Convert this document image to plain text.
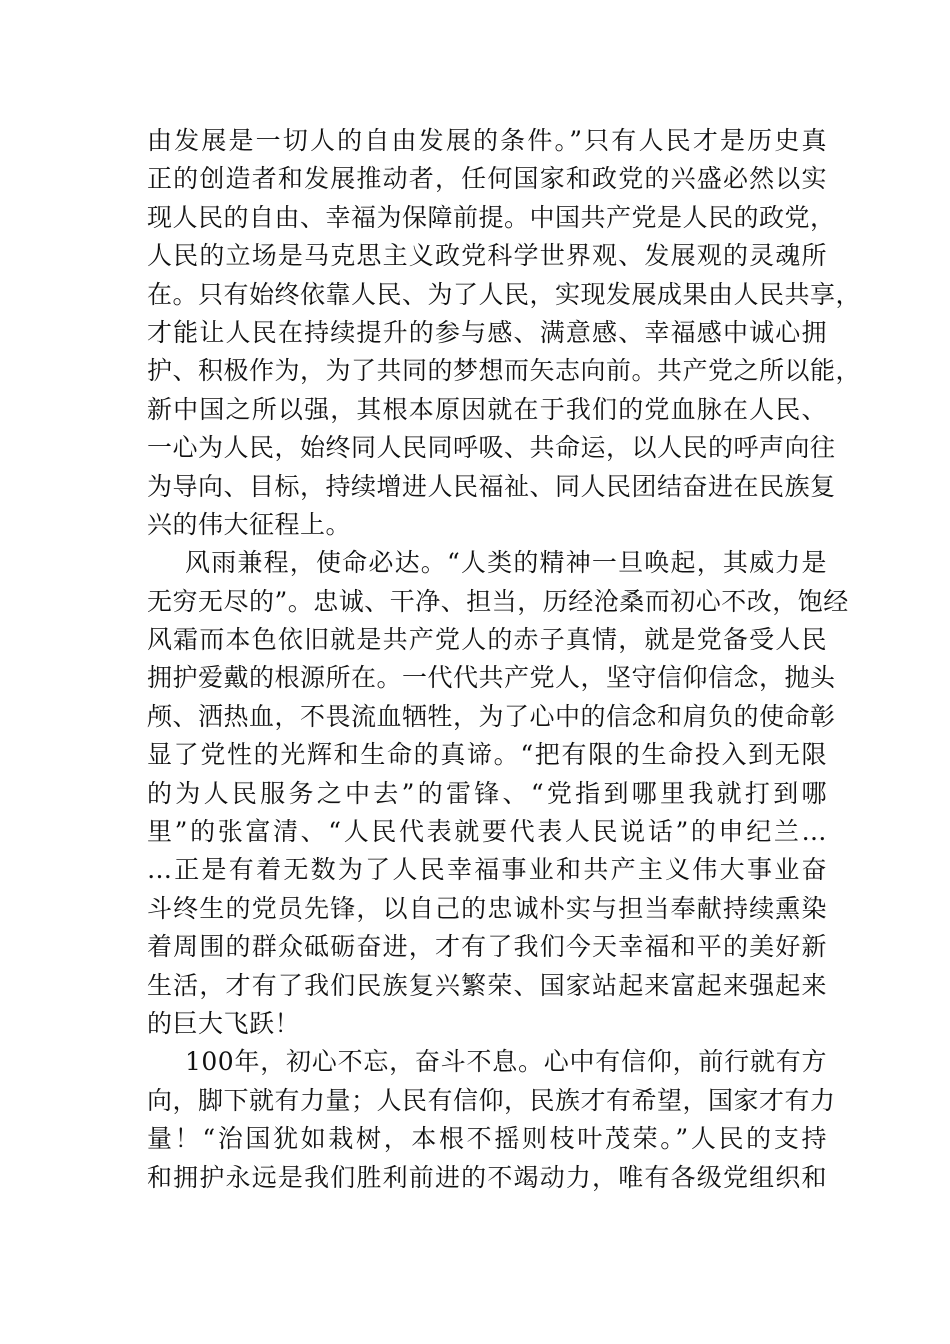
由发展是一切人的自由发展的条件。”只有人民才是历史真
正的创造者和发展推动者，任何国家和政党的兴盛必然以实
现人民的自由、幸福为保障前提。中国共产党是人民的政党，
人民的立场是马克思主义政党科学世界观、发展观的灵魂所
在。只有始终依靠人民、为了人民，实现发展成果由人民共享，
才能让人民在持续提升的参与感、满意感、幸福感中诚心拥
护、积极作为，为了共同的梦想而矢志向前。共产党之所以能，
新中国之所以强，其根本原因就在于我们的党血脉在人民、
一心为人民，始终同人民同呼吸、共命运，以人民的呼声向往
为导向、目标，持续增进人民福祉、同人民团结奋进在民族复
兴的伟大征程上。
风雨兼程，使命必达。“人类的精神一旦唤起，其威力是
无穷无尽的”。忠诚、干净、担当，历经沧桑而初心不改，饱经
风霜而本色依旧就是共产党人的赤子真情，就是党备受人民
拥护爱戴的根源所在。一代代共产党人，坚守信仰信念，抛头
颅、洒热血，不畏流血牺牲，为了心中的信念和肩负的使命彰
显了党性的光辉和生命的真谛。“把有限的生命投入到无限
的为人民服务之中去”的雷锋、“党指到哪里我就打到哪
里”的张富清、“人民代表就要代表人民说话”的申纪兰…
…正是有着无数为了人民幸福事业和共产主义伟大事业奋
斗终生的党员先锋，以自己的忠诚朴实与担当奉献持续熏染
着周围的群众砥砺奋进，才有了我们今天幸福和平的美好新
生活，才有了我们民族复兴繁荣、国家站起来富起来强起来
的巨大飞跃！
100年，初心不忘，奋斗不息。心中有信仰，前行就有方
向，脚下就有力量；人民有信仰，民族才有希望，国家才有力
量！“治国犹如栽树，本根不摇则枝叶茂荣。”人民的支持
和拥护永远是我们胜利前进的不竭动力，唯有各级党组织和
